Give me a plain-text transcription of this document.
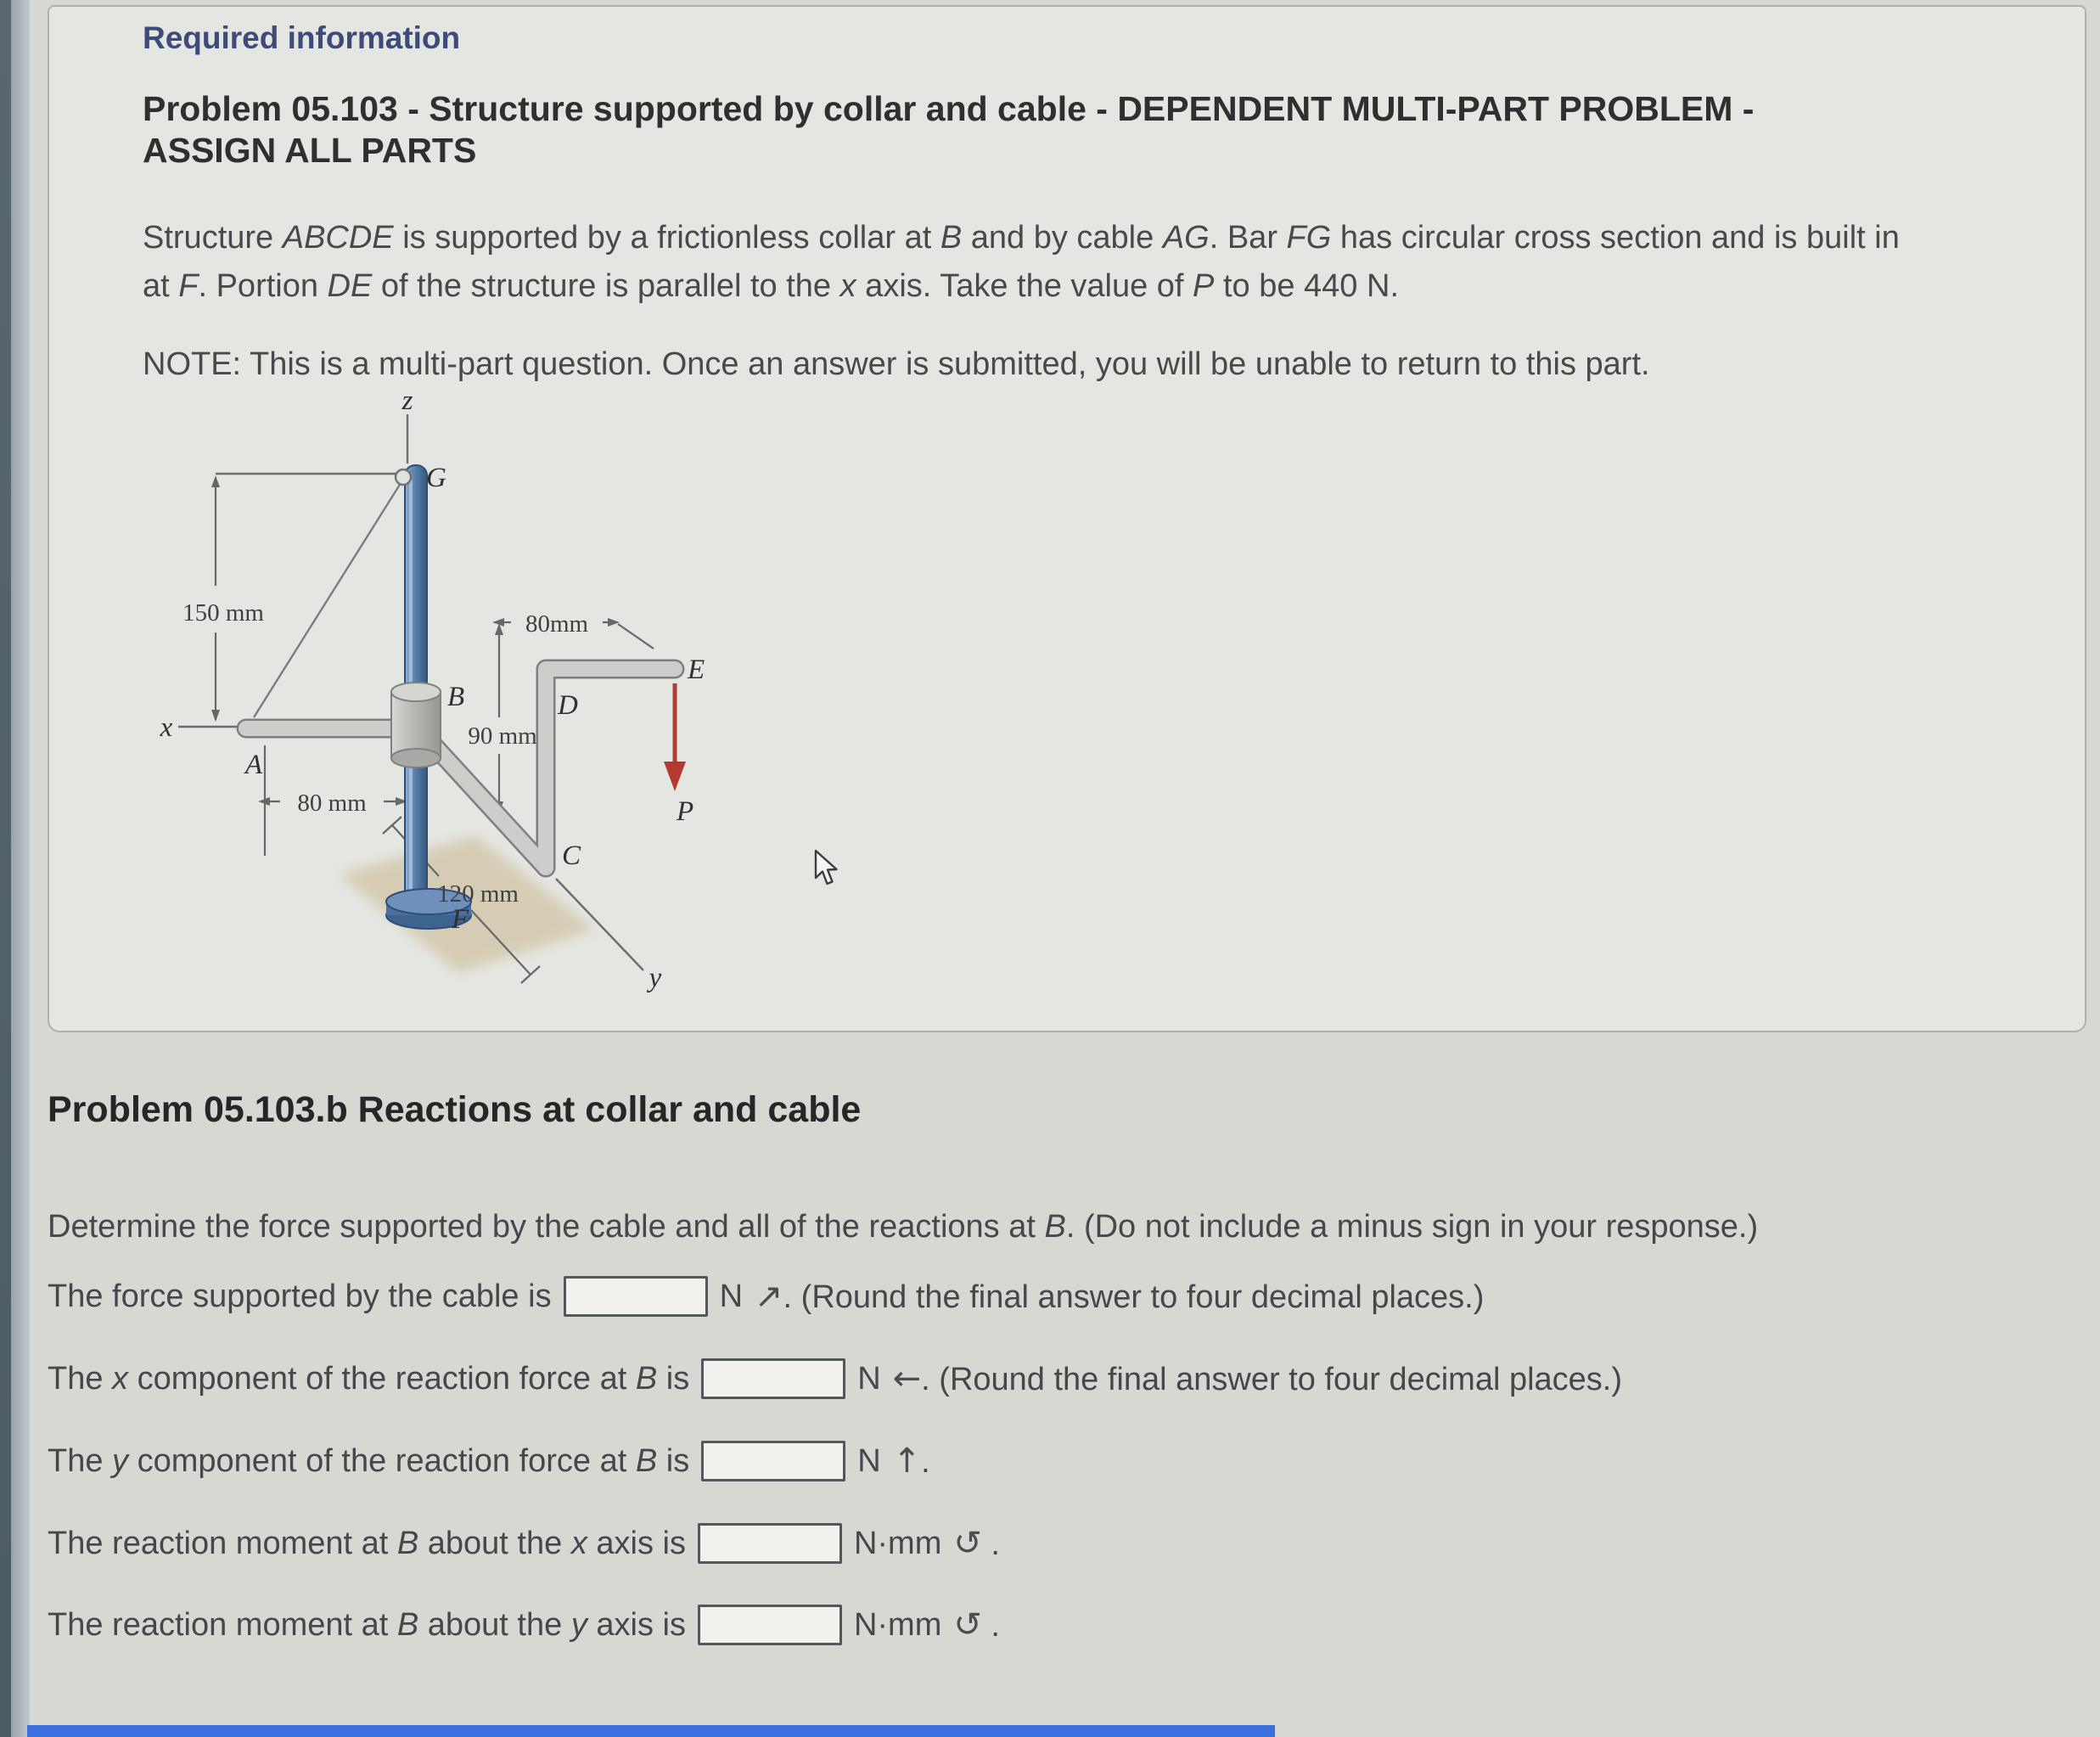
Required information
Problem 05.103 - Structure supported by collar and cable - DEPENDENT MULTI-PART PROBLEM -
ASSIGN ALL PARTS
Structure ABCDE is supported by a frictionless collar at B and by cable AG. Bar FG has circular cross section and is built in
at F. Portion DE of the structure is parallel to the x axis. Take the value of P to be 440 N.
NOTE: This is a multi-part question. Once an answer is submitted, you will be unable to return to this part.
150 mm
90 mm
80mm
80 mm
120 mm
z
x
y
A
B
C
D
E
F
G
P
Problem 05.103.b Reactions at collar and cable
Determine the force supported by the cable and all of the reactions at B. (Do not include a minus sign in your response.)
The force supported by the cable is	N ↗. (Round the final answer to four decimal places.)
The x component of the reaction force at B is	N ←. (Round the final answer to four decimal places.)
The y component of the reaction force at B is	N ↑.
The reaction moment at B about the x axis is	N·mm ↺ .
The reaction moment at B about the y axis is	N·mm ↺ .
